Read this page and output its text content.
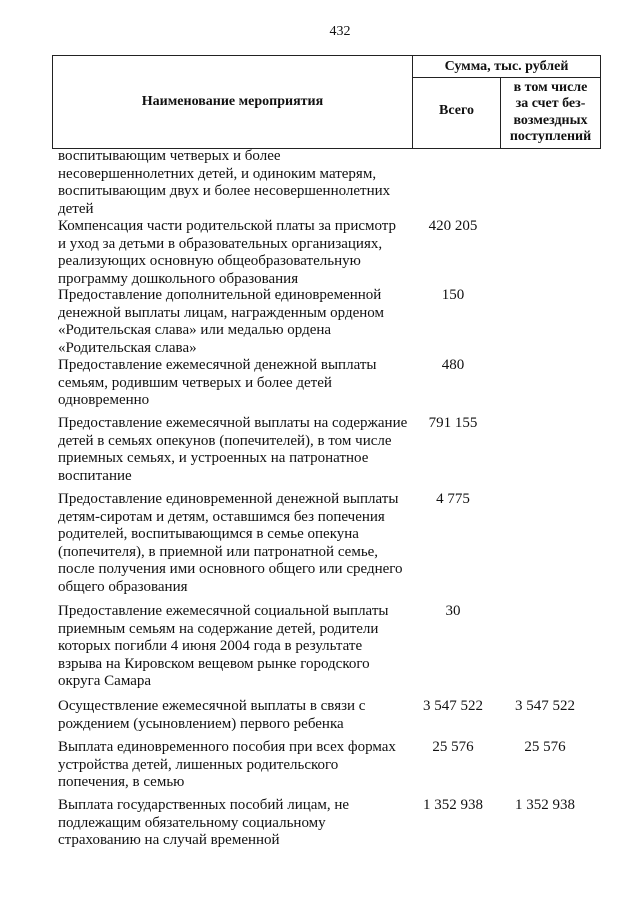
432
Наименование мероприятия
Сумма, тыс. рублей
Всего
в том числе
за счет без-
возмездных
поступлений
воспитывающим четверых и более
несовершеннолетних детей, и одиноким матерям,
воспитывающим двух и более несовершеннолетних
детей
Компенсация части родительской платы за присмотр
и уход за детьми в образовательных организациях,
реализующих основную общеобразовательную
программу дошкольного образования
420 205
Предоставление дополнительной единовременной
денежной выплаты лицам, награжденным орденом
«Родительская слава» или медалью ордена
«Родительская слава»
150
Предоставление ежемесячной денежной выплаты
семьям, родившим четверых и более детей
одновременно
480
Предоставление ежемесячной выплаты на содержание
детей в семьях опекунов (попечителей), в том числе
приемных семьях, и устроенных на патронатное
воспитание
791 155
Предоставление единовременной денежной выплаты
детям-сиротам и детям, оставшимся без попечения
родителей, воспитывающимся в семье опекуна
(попечителя), в приемной или патронатной семье,
после получения ими основного общего или среднего
общего образования
4 775
Предоставление ежемесячной социальной выплаты
приемным семьям на содержание детей, родители
которых погибли 4 июня 2004 года в результате
взрыва на Кировском вещевом рынке городского
округа Самара
30
Осуществление ежемесячной выплаты в связи с
рождением (усыновлением) первого ребенка
3 547 522	3 547 522
Выплата единовременного пособия при всех формах
устройства детей, лишенных родительского
попечения, в семью
25 576	25 576
Выплата государственных пособий лицам, не
подлежащим обязательному социальному
страхованию на случай временной
1 352 938	1 352 938
